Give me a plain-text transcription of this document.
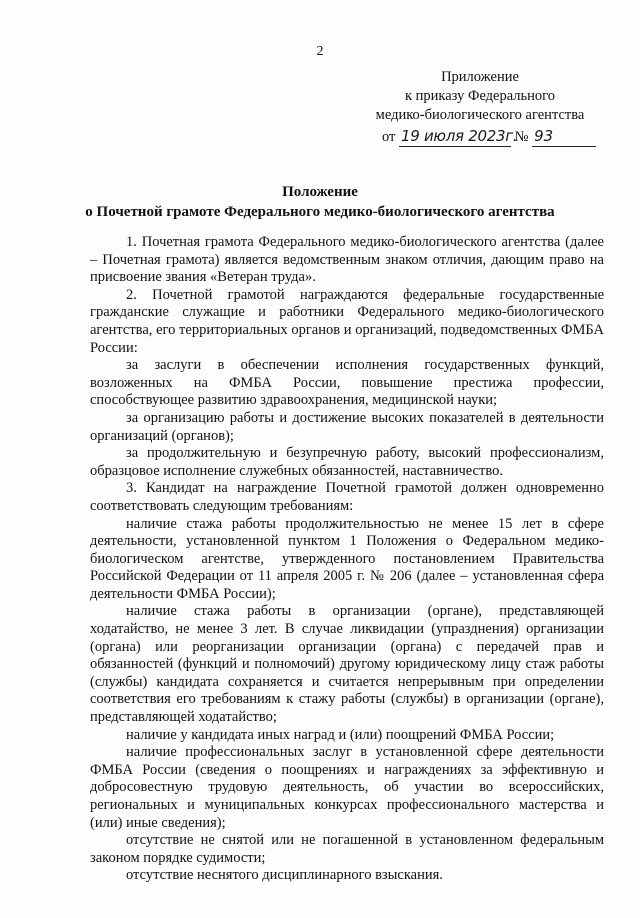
2
Приложение
к приказу Федерального
медико-биологического агентства
от 19 июля 2023г. № 93
Положение
о Почетной грамоте Федерального медико-биологического агентства

1. Почетная грамота Федерального медико-биологического агентства (далее – Почетная грамота) является ведомственным знаком отличия, дающим право на присвоение звания «Ветеран труда».

2. Почетной грамотой награждаются федеральные государственные гражданские служащие и работники Федерального медико-биологического агентства, его территориальных органов и организаций, подведомственных ФМБА России:

за заслуги в обеспечении исполнения государственных функций, возложенных на ФМБА России, повышение престижа профессии, способствующее развитию здравоохранения, медицинской науки;

за организацию работы и достижение высоких показателей в деятельности организаций (органов);

за продолжительную и безупречную работу, высокий профессионализм, образцовое исполнение служебных обязанностей, наставничество.

3. Кандидат на награждение Почетной грамотой должен одновременно соответствовать следующим требованиям:

наличие стажа работы продолжительностью не менее 15 лет в сфере деятельности, установленной пунктом 1 Положения о Федеральном медико-биологическом агентстве, утвержденного постановлением Правительства Российской Федерации от 11 апреля 2005 г. № 206 (далее – установленная сфера деятельности ФМБА России);

наличие стажа работы в организации (органе), представляющей ходатайство, не менее 3 лет. В случае ликвидации (упразднения) организации (органа) или реорганизации организации (органа) с передачей прав и обязанностей (функций и полномочий) другому юридическому лицу стаж работы (службы) кандидата сохраняется и считается непрерывным при определении соответствия его требованиям к стажу работы (службы) в организации (органе), представляющей ходатайство;

наличие у кандидата иных наград и (или) поощрений ФМБА России;

наличие профессиональных заслуг в установленной сфере деятельности ФМБА России (сведения о поощрениях и награждениях за эффективную и добросовестную трудовую деятельность, об участии во всероссийских, региональных и муниципальных конкурсах профессионального мастерства и (или) иные сведения);

отсутствие не снятой или не погашенной в установленном федеральным законом порядке судимости;

отсутствие неснятого дисциплинарного взыскания.
